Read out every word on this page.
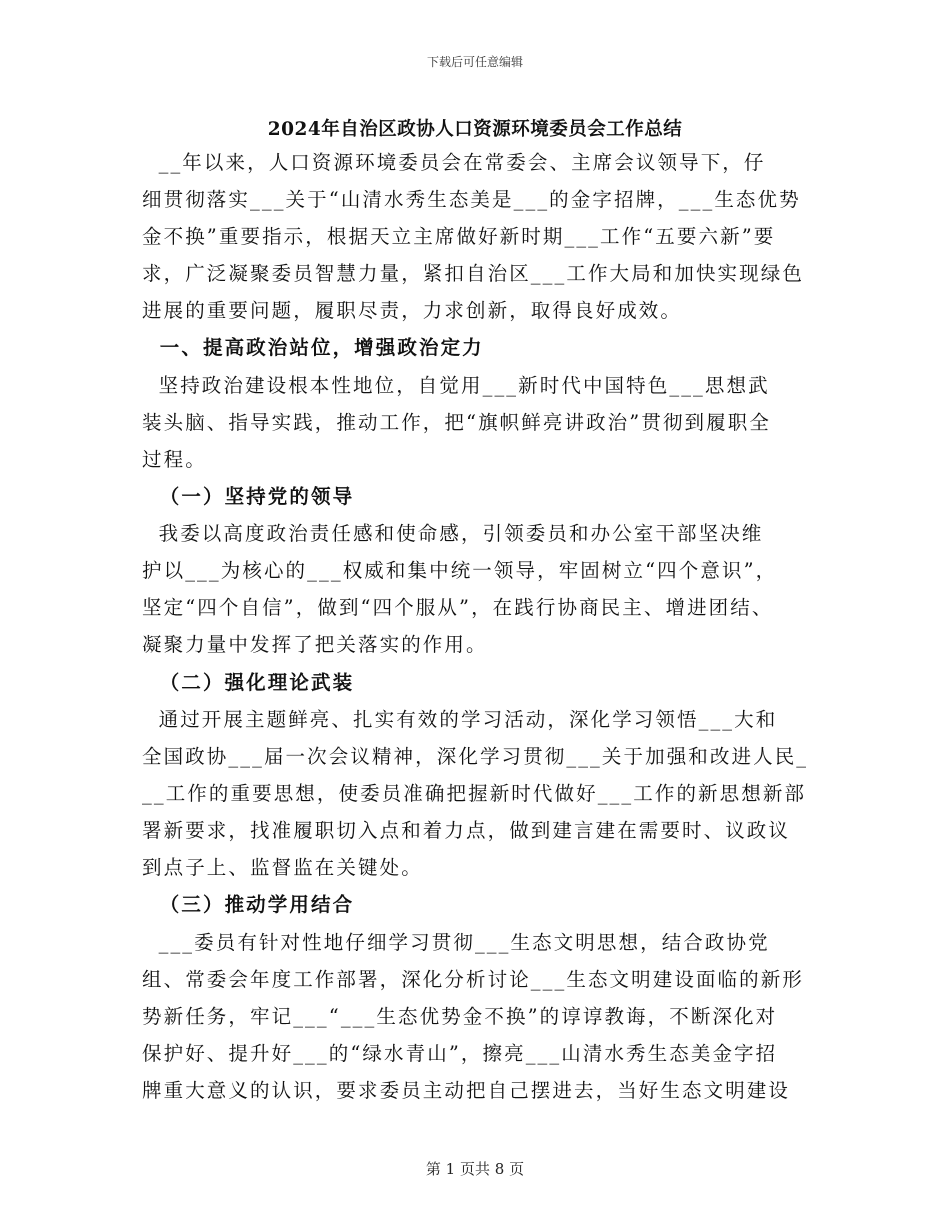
下载后可任意编辑
2024年自治区政协人口资源环境委员会工作总结
__年以来，人口资源环境委员会在常委会、主席会议领导下，仔
细贯彻落实___关于“山清水秀生态美是___的金字招牌，___生态优势
金不换”重要指示，根据天立主席做好新时期___工作“五要六新”要
求，广泛凝聚委员智慧力量，紧扣自治区___工作大局和加快实现绿色
进展的重要问题，履职尽责，力求创新，取得良好成效。
一、提高政治站位，增强政治定力
坚持政治建设根本性地位，自觉用___新时代中国特色___思想武
装头脑、指导实践，推动工作，把“旗帜鲜亮讲政治”贯彻到履职全
过程。
（一）坚持党的领导
我委以高度政治责任感和使命感，引领委员和办公室干部坚决维
护以___为核心的___权威和集中统一领导，牢固树立“四个意识”，
坚定“四个自信”，做到“四个服从”，在践行协商民主、增进团结、
凝聚力量中发挥了把关落实的作用。
（二）强化理论武装
通过开展主题鲜亮、扎实有效的学习活动，深化学习领悟___大和
全国政协___届一次会议精神，深化学习贯彻___关于加强和改进人民_
__工作的重要思想，使委员准确把握新时代做好___工作的新思想新部
署新要求，找准履职切入点和着力点，做到建言建在需要时、议政议
到点子上、监督监在关键处。
（三）推动学用结合
___委员有针对性地仔细学习贯彻___生态文明思想，结合政协党
组、常委会年度工作部署，深化分析讨论___生态文明建设面临的新形
势新任务，牢记___“___生态优势金不换”的谆谆教诲，不断深化对
保护好、提升好___的“绿水青山”，擦亮___山清水秀生态美金字招
牌重大意义的认识，要求委员主动把自己摆进去，当好生态文明建设
第 1 页共 8 页
